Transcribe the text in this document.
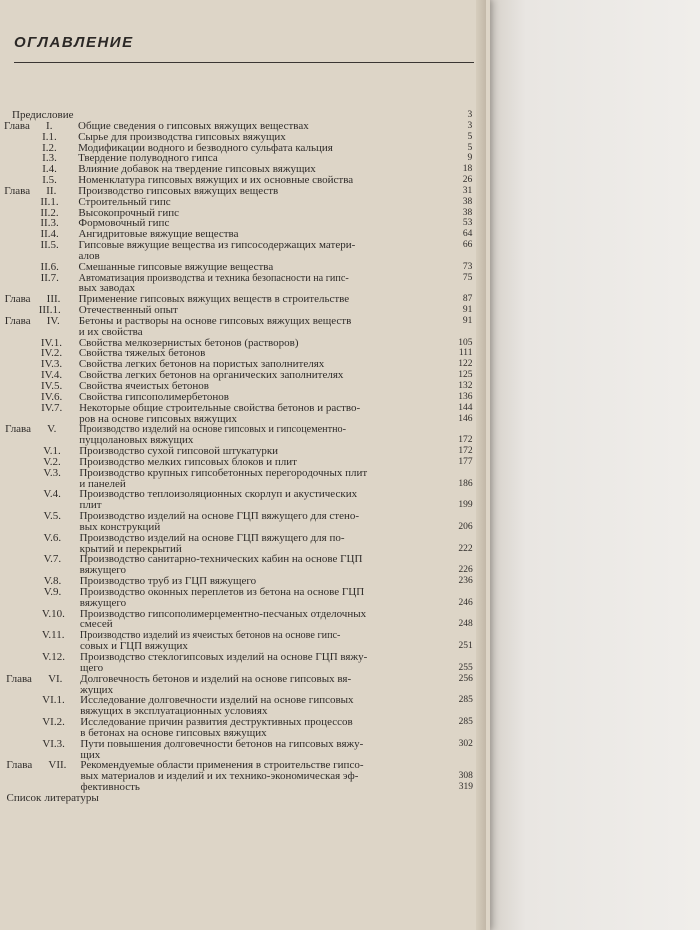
ОГЛАВЛЕНИЕ
Предисловие	3
Глава I. Общие сведения о гипсовых вяжущих веществах	3
I.1. Сырье для производства гипсовых вяжущих	5
I.2. Модификации водного и безводного сульфата кальция	5
I.3. Твердение полуводного гипса	9
I.4. Влияние добавок на твердение гипсовых вяжущих	18
I.5. Номенклатура гипсовых вяжущих и их основные свойства	26
Глава II. Производство гипсовых вяжущих веществ	31
II.1. Строительный гипс	38
II.2. Высокопрочный гипс	38
II.3. Формовочный гипс	53
II.4. Ангидритовые вяжущие вещества	64
II.5. Гипсовые вяжущие вещества из гипсосодержащих матери-	66
алов
II.6. Смешанные гипсовые вяжущие вещества	73
II.7. Автоматизация производства и техника безопасности на гипс-	75
вых заводах
Глава III. Применение гипсовых вяжущих веществ в строительстве	87
III.1. Отечественный опыт	91
Глава IV. Бетоны и растворы на основе гипсовых вяжущих веществ	91
и их свойства
IV.1. Свойства мелкозернистых бетонов (растворов)	105
IV.2. Свойства тяжелых бетонов	111
IV.3. Свойства легких бетонов на пористых заполнителях	122
IV.4. Свойства легких бетонов на органических заполнителях	125
IV.5. Свойства ячеистых бетонов	132
IV.6. Свойства гипсополимербетонов	136
IV.7. Некоторые общие строительные свойства бетонов и раство-	144
ров на основе гипсовых вяжущих	146
Глава V. Производство изделий на основе гипсовых и гипсоцементно-
пуццолановых вяжущих	172
V.1. Производство сухой гипсовой штукатурки	172
V.2. Производство мелких гипсовых блоков и плит	177
V.3. Производство крупных гипсобетонных перегородочных плит
и панелей	186
V.4. Производство теплоизоляционных скорлуп и акустических
плит	199
V.5. Производство изделий на основе ГЦП вяжущего для стено-
вых конструкций	206
V.6. Производство изделий на основе ГЦП вяжущего для по-
крытий и перекрытий	222
V.7. Производство санитарно-технических кабин на основе ГЦП
вяжущего	226
V.8. Производство труб из ГЦП вяжущего	236
V.9. Производство оконных переплетов из бетона на основе ГЦП
вяжущего	246
V.10. Производство гипсополимерцементно-песчаных отделочных
смесей	248
V.11. Производство изделий из ячеистых бетонов на основе гипс-
совых и ГЦП вяжущих	251
V.12. Производство стеклогипсовых изделий на основе ГЦП вяжу-
щего	255
Глава VI. Долговечность бетонов и изделий на основе гипсовых вя-	256
жущих
VI.1. Исследование долговечности изделий на основе гипсовых	285
вяжущих в эксплуатационных условиях
VI.2. Исследование причин развития деструктивных процессов	285
в бетонах на основе гипсовых вяжущих
VI.3. Пути повышения долговечности бетонов на гипсовых вяжу-	302
щих
Глава VII. Рекомендуемые области применения в строительстве гипсо-
вых материалов и изделий и их технико-экономическая эф-	308
фективность	319
Список литературы
